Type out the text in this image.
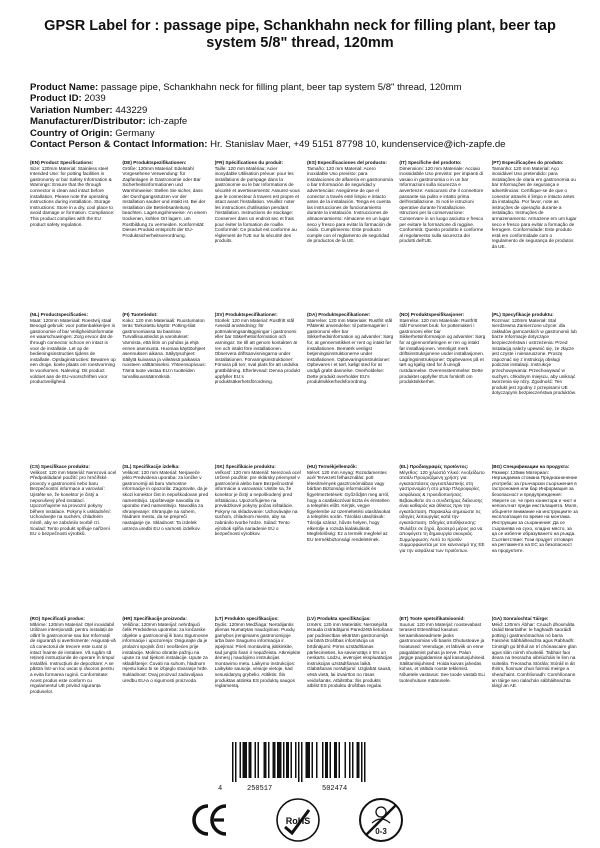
GPSR Label for : passage pipe, Schankhahn neck for filling plant, beer tap system 5/8" thread, 120mm
Product Name: passage pipe, Schankhahn neck for filling plant, beer tap system 5/8" thread, 120mm
Product ID: 2039
Variation Number: 443229
Manufacturer/Distributor: ich-zapfe
Country of Origin: Germany
Contact Person & Contact Information: Hr. Stanislav Maer, +49 5151 87798 10, kundenservice@ich-zapfe.de
(EN) Product Specifications:
Size: 120mm Material: Stainless steel Intended Use: for potting facilities in gastronomy or bar Safety Information & Warnings: Ensure that the through connector is clean and intact before installation. Please note the operating instructions during installation. Storage Instructions: Store in a dry, cool place to avoid damage or formation. Compliance: This product complies with the EU product safety regulation.
(DE) Produktspezifikationen:
Größe: 120mm Material: Edelstahl Vorgesehene Verwendung: für Zapfanlagen in Gastronomie oder Bar Sicherheitsinformationen und Warnhinweise: Stellen Sie sicher, dass der Durchgangsstutzen vor der Installation sauber und intakt ist. Bei der Installation die Betriebsanleitung beachten. Lagerungshinweise: An einem trockenen, kühlen Ort lagern, um Rostbildung zu vermeiden. Konformität: Dieses Produkt entspricht der EU-Produktsicherheitsverordnung.
(FR) Spécifications du produit:
Taille: 120 mm Matériau: Acier inoxydable Utilisation prévue: pour les installations de pompage dans la gastronomie ou le bar Informations de sécurité et avertissements: Assurez-vous que le connecteur à travers est propre et intact avant l'installation. Veuillez noter les instructions d'utilisation pendant l'installation. Instructions de stockage: Conserver dans un endroit sec et frais pour éviter la formation de rouille. Conformité: Ce produit est conforme au règlement de l'UE sur la sécurité des produits.
(ES) Especificaciones del producto:
Tamaño: 120 mm Material: Acero inoxidable Uso previsto: para instalaciones de alfarería en gastronomía o bar Información de seguridad y advertencias: Asegúrese de que el conector a través esté limpio e intacto antes de la instalación. Tenga en cuenta las instrucciones de funcionamiento durante la instalación. Instrucciones de almacenamiento: Almacene en un lugar seco y fresco para evitar la formación de óxido. Cumplimiento: Este producto cumple con el reglamento de seguridad de productos de la UE.
(IT) Specifiche del prodotto:
Dimensioni: 120 mm Materiale: Acciaio inossidabile Uso previsto: per impianti di vasaio in gastronomia o in un bar Informazioni sulla sicurezza e avvertenze: Assicurarsi che il connettore passante sia pulito e intatto prima dell'installazione. Si noti le istruzioni operative durante l'installazione. Istruzioni per la conservazione: Conservare in un luogo asciutto e fresco per evitare la formazione di ruggine. Conformità: Questo prodotto è conforme al regolamento sulla sicurezza dei prodotti dell'UE.
(PT) Especificações do produto:
Tamanho: 120 mm Material: Aço inoxidável Uso pretendido: para instalações de olaria em gastronomia ou bar Informações de segurança e advertências: Certifique-se de que o conector através é limpo e intacto antes da instalação. Por favor, note as instruções de operação durante a instalação. Instruções de armazenamento: Armazene em um lugar seco e fresco para evitar a formação de ferrugem. Conformidade: Este produto está em conformidade com o regulamento de segurança de produtos da UE.
(NL) Productspecificaties:
Maat: 120mm Materiaal: Roestvrij staal Beoogd gebruik: voor pottenbakkerijen in gastronomie of bar Veiligheidsinformatie en waarschuwingen: Zorg ervoor dat de through connector schoon en intact is voor de installatie. Let op de bedieningsinstructies tijdens de installatie. Opslaginstructies: Bewaren op een droge, koele plaats om roestvorming te voorkomen. Naleving: Dit product voldoet aan de EU-voorschriften voor productveiligheid.
(FI) Tuotetiedot:
Koko: 120 mm Materiaali: Ruostumaton teräs Tarkoitettu käyttö: Potting-tilat gastronomiassa tai baarissa Turvallisuustiedot ja varoitukset: Varmista, että liitin on puhdas ja ehjä ennen asennusta. Huomaa käyttöohjeet asennuksen aikana. Säilytysohjeet: Säilytä kuivassa ja viileässä paikassa ruosteen välttämiseksi. Yhteensopivuus: Tämä tuote vastaa EU:n tuotteiden turvallisuussäännöksiä.
(SV) Produktspecifikationer:
Storlek: 120 mm Material: Rostfritt stål Avsedd användning: för pottmakningsanläggningar i gastronomi eller bar Säkerhetsinformation och varningar: Se till att genom kontakten är ren och intakt före installationen. Observera driftsanvisningarna under installationen. Förvaringsinstruktioner: Förvara på torr, sval plats för att undvika grattbildning. Efterlevnad: Denna produkt uppfyller EU:s produktsäkerhetsförordning.
(DA) Produktspecifikationer:
Størrelse: 120 mm Materiale: Rustfrit stål Påtænkt anvendelse: til pottemagerier i gastronomi eller bar Sikkerhedsinformation og advarsler: Sørg for, at gennemstikket er rent og intakt før installationen. Bemærk venligst betjeningsinstruktionerne under installationen. Opbevaringsinstruktioner: Opbevares i et tørt, køligt sted for at undgå grøbt dannelse. Overholdelse: Dette produkt overholder EU's produktsikkerhedsforordning.
(NO) Produktspesifikasjoner:
Størrelse: 120 mm Materiale: Rustfritt stål Forventet bruk: for pottemakeri i gastronomi eller bar Sikkerhetsinformasjon og advarsler: Sørg for at gjennomføringen er ren og intakt før installasjonen. Vennligst merk driftsinstruksjonene under installasjonen. Lagringsinstruksjoner: Oppbevares på et tørt og kjølig sted for å unngå rustdannelse. Overensstemmelse: Dette produktet oppfyller EUs forskrift om produktsikkerhet.
(PL) Specyfikacje produktu:
Rozmiar: 120mm Materiał: Stal nierdzewna Zamierzone użycie: dla zakładów garncarskich w gastronomii lub barze Informacje dotyczące bezpieczeństwa i ostrzeżenia: Przed instalacją należy upewnić się, że złącze jest czyste i nienaruszone. Proszę zapoznać się z instrukcją obsługi podczas instalacji. Instrukcje przechowywania: Przechowywać w suchym, chłodnym miejscu, aby uniknąć tworzenia się rdzy. Zgodność: Ten produkt jest zgodny z przepisami UE dotyczącymi bezpieczeństwa produktów.
(CS) Specifikace produktu:
Velikost: 120 mm Materiál: Nerezová ocel Předpokládané použití: pro hrnčířské provozy v gastronomii nebo baru Bezpečnostní informace a varování: Ujistěte se, že konektor je čistý a neporušený před instalací. Upozorňujeme na provozní pokyny během instalace. Pokyny k uskladnění: Uchovávejte na suchém, chladném místě, aby se zabránilo tvorbě rzi. Soulad: Tento produkt splňuje nařízení EU o bezpečnosti výrobků.
(SL) Specifikacije izdelka:
Velikost: 120 mm Material: Nerjaveče jeklo Predvidena uporaba: za lončke v gastronomiji ali baru Varnostne informacije in opozorila: Zagotovite, da je skozi konektor čist in nepoškodovan pred namestitvijo. Upoštevajte navodila za uporabo med namestitvijo. Navodila za shranjevanje: Shranjujte na suhem, hladnem mestu, da se prepreči nastajanje rje. Skladnost: Ta izdelek ustreza uredbi EU o varnosti izdelkov.
(SK) Špecifikácie produktu:
Veľkosť: 120 mm Materiál: Nerezová oceľ Určené použitie: pre sklársky priemysel v gastronómii alebo bare Bezpečnostné informácie a varovania: Uistite sa, že konektor je čistý a nepoškodený pred inštaláciou. Upozorňujeme na prevádzkové pokyny počas inštalácie. Pokyny na skladovanie: Uchovávajte na suchom, chladnom mieste, aby sa zabránilo tvorbe hrdze. Súlad: Tento výrobok spĺňa nariadenie EÚ o bezpečnosti výrobkov.
(HU) Termékjellemzők:
Méret: 120 mm Anyag: Rozsdamentes acél Tervezett felhasználás: potl létesítmények gasztronómiában vagy bárban Biztonsági információk és figyelmeztetések: Győződjön meg arról, hogy a csatlakozóval tiszta és érintetlen a telepítés előtt. Kérjük, vegye figyelembe az üzemeltetési utasításokat a telepítés során. Tárolási utasítások: Tárolja száraz, hűvös helyen, hogy elkerülje a rozsda kialakulását. Megfelelőség: Ez a termék megfelel az EU termékbiztonsági rendeletének.
(EL) Προδιαγραφές προϊόντος:
Μέγεθος: 120 χιλιοστά Υλικό: Ανοξείδωτο ατσάλι Προοριζόμενη χρήση: για εγκαταστάσεις αγγειοπλαστικής στη γαστρονομία ή στο μπαρ Πληροφορίες ασφάλειας & προειδοποιήσεις: Βεβαιωθείτε ότι ο συνδετήρας διέλευσης είναι καθαρός και άθικτος πριν την εγκατάσταση. Παρακαλώ σημειώστε τις οδηγίες λειτουργίας κατά την εγκατάσταση. Οδηγίες αποθήκευσης: Φυλάξτε σε ξηρό, δροσερό μέρος για να αποφύγετε τη δημιουργία σκουριάς. Συμμόρφωση: Αυτό το προϊόν συμμορφώνεται με τον κανονισμό της ΕΕ για την ασφάλεια των προϊόντων.
(BG) Спецификации на продукта:
Размер: 120мм Материал: Неръждаема стомана Предназначение употреба: за грънчарски съоръжения в гастрономия или бар Информация за безопасност и предупреждения: Уверете се, че през конектора е чист и непокътнат преди инсталацията. Моля, обърнете внимание на инструкциите за експлоатация по време на монтажа. Инструкции за съхранение: Да се съхранява на сухо, хладно място, за да се избегне образуването на ръжда. Съответствие: Този продукт отговаря на регламента на ЕС за безопасност на продуктите.
(RO) Specificații produs:
Mărime: 120mm Material: Oțel inoxidabil Utilizare intenționată: pentru instalații de olărit în gastronomie sau bar Informații de siguranță și avertismente: Asigurați-vă că conectorul de trecere este curat și intact înainte de instalare. Vă rugăm să rețineți instrucțiunile de operare în timpul instalării. Instrucțiuni de depozitare: A se păstra într-un loc uscat și răcoros pentru a evita formarea ruginii. Conformitate: Acest produs este conform cu regulamentul UE privind siguranța produselor.
(HR) Specifikacije proizvoda:
Veličina: 120mm Materijal: nehrđajući čelik Predviđena upotreba: za lončarske objekte u gastronomiji ili baru Sigurnosne informacije i upozorenja: Osigurajte da je prolazni spojnik čist i neoštećen prije instalacije. Molimo obratite pažnju na upute za rad tijekom instalacije. Upute za skladištenje: Čuvati na suhom, hladnom mjestu kako bi se izbjeglo stvaranje hrđe. Sukladnost: Ovaj proizvod zadovoljava uredbu EU-a o sigurnosti proizvoda.
(LT) Produkto specifikacijos:
Dydis: 120mm Medžiaga: Nerūdijantis plienas Numatytas naudojimas: Puodų gamybos įrenginiams gastronomijoje arba bare Saugumo informacija ir įspėjimai: Prieš montavimą įsitikinkite, kad jungtis švari ir nepažeista. Atkreipkite dėmesį į naudojimo instrukcijas montavimo metu. Laikymo instrukcijos: Laikykite sausoje, vėsioje vietoje, kad nesusidarytų grybelio. Atitiktis: Šis produktas atitinka ES produktų saugos reglamentą.
(LV) Produkta specifikācijas:
Izmērs: 120 mm Materiāls: Nerūsējošā tērauda izstrādājumi Paredzētā lietošana: par podniecības iekārtām gastronomijā vai bārā Drošības informācija un brīdinājumi: Pirms uzstādīšanas pārliecinieties, ka savienotājs ir tīrs un neskarts. Lūdzu, ievērojiet ekspluatācijas instrukcijas uzstādīšanas laikā. Glabāšanas norādījumi: Uzglabāt sausā, vēsā vietā, lai izvairītos no rūsas veidošanās. Atbilstība: Šis produkts atbilst ES produktu drošības regulai.
(ET) Toote spetsifikatsioonid:
Suurus: 120 mm Materjal: roostevabast terasest Ettenähtud kasutus: keraamikaseadmete jaoks gastronoomias või baaris Ohutusteave ja hoiatused: Veenduge, et läbiviik on enne paigaldamist puhas ja terve. Palun järgige paigaldamise ajal kasutusjuhiseid. Säilitamisjuhised: Hoida kuivas jahedas kohas, et vältida rooste tekkimist. Nõuetele vastavus: See toode vastab ELi tooteohutuse määrusele.
(GA) Sonraíochtaí Táirge:
Méid: 120mm Ábhar: Cruach dhosmálta Úsáid Beartaithe: le haghaidh saoráidí potting i gastranómachas nó barra Faisnéis Sábháilteachta agus Rabhadh: Cinntigh go bhfuil an trí chónascaire glan agus slán roimh shuiteáil. Tabhair faoi deara na treoracha oibriúcháin le linn na suiteála. Treoracha Stórála: Stóráil in áit thirim, fionnuar chun foirmiú meirge a sheachaint. Comhlíonadh: Comhlíonann an táirge seo rialachán sábháilteachta táirgí an AE.
4	250517	502474
RoHS
0-3
